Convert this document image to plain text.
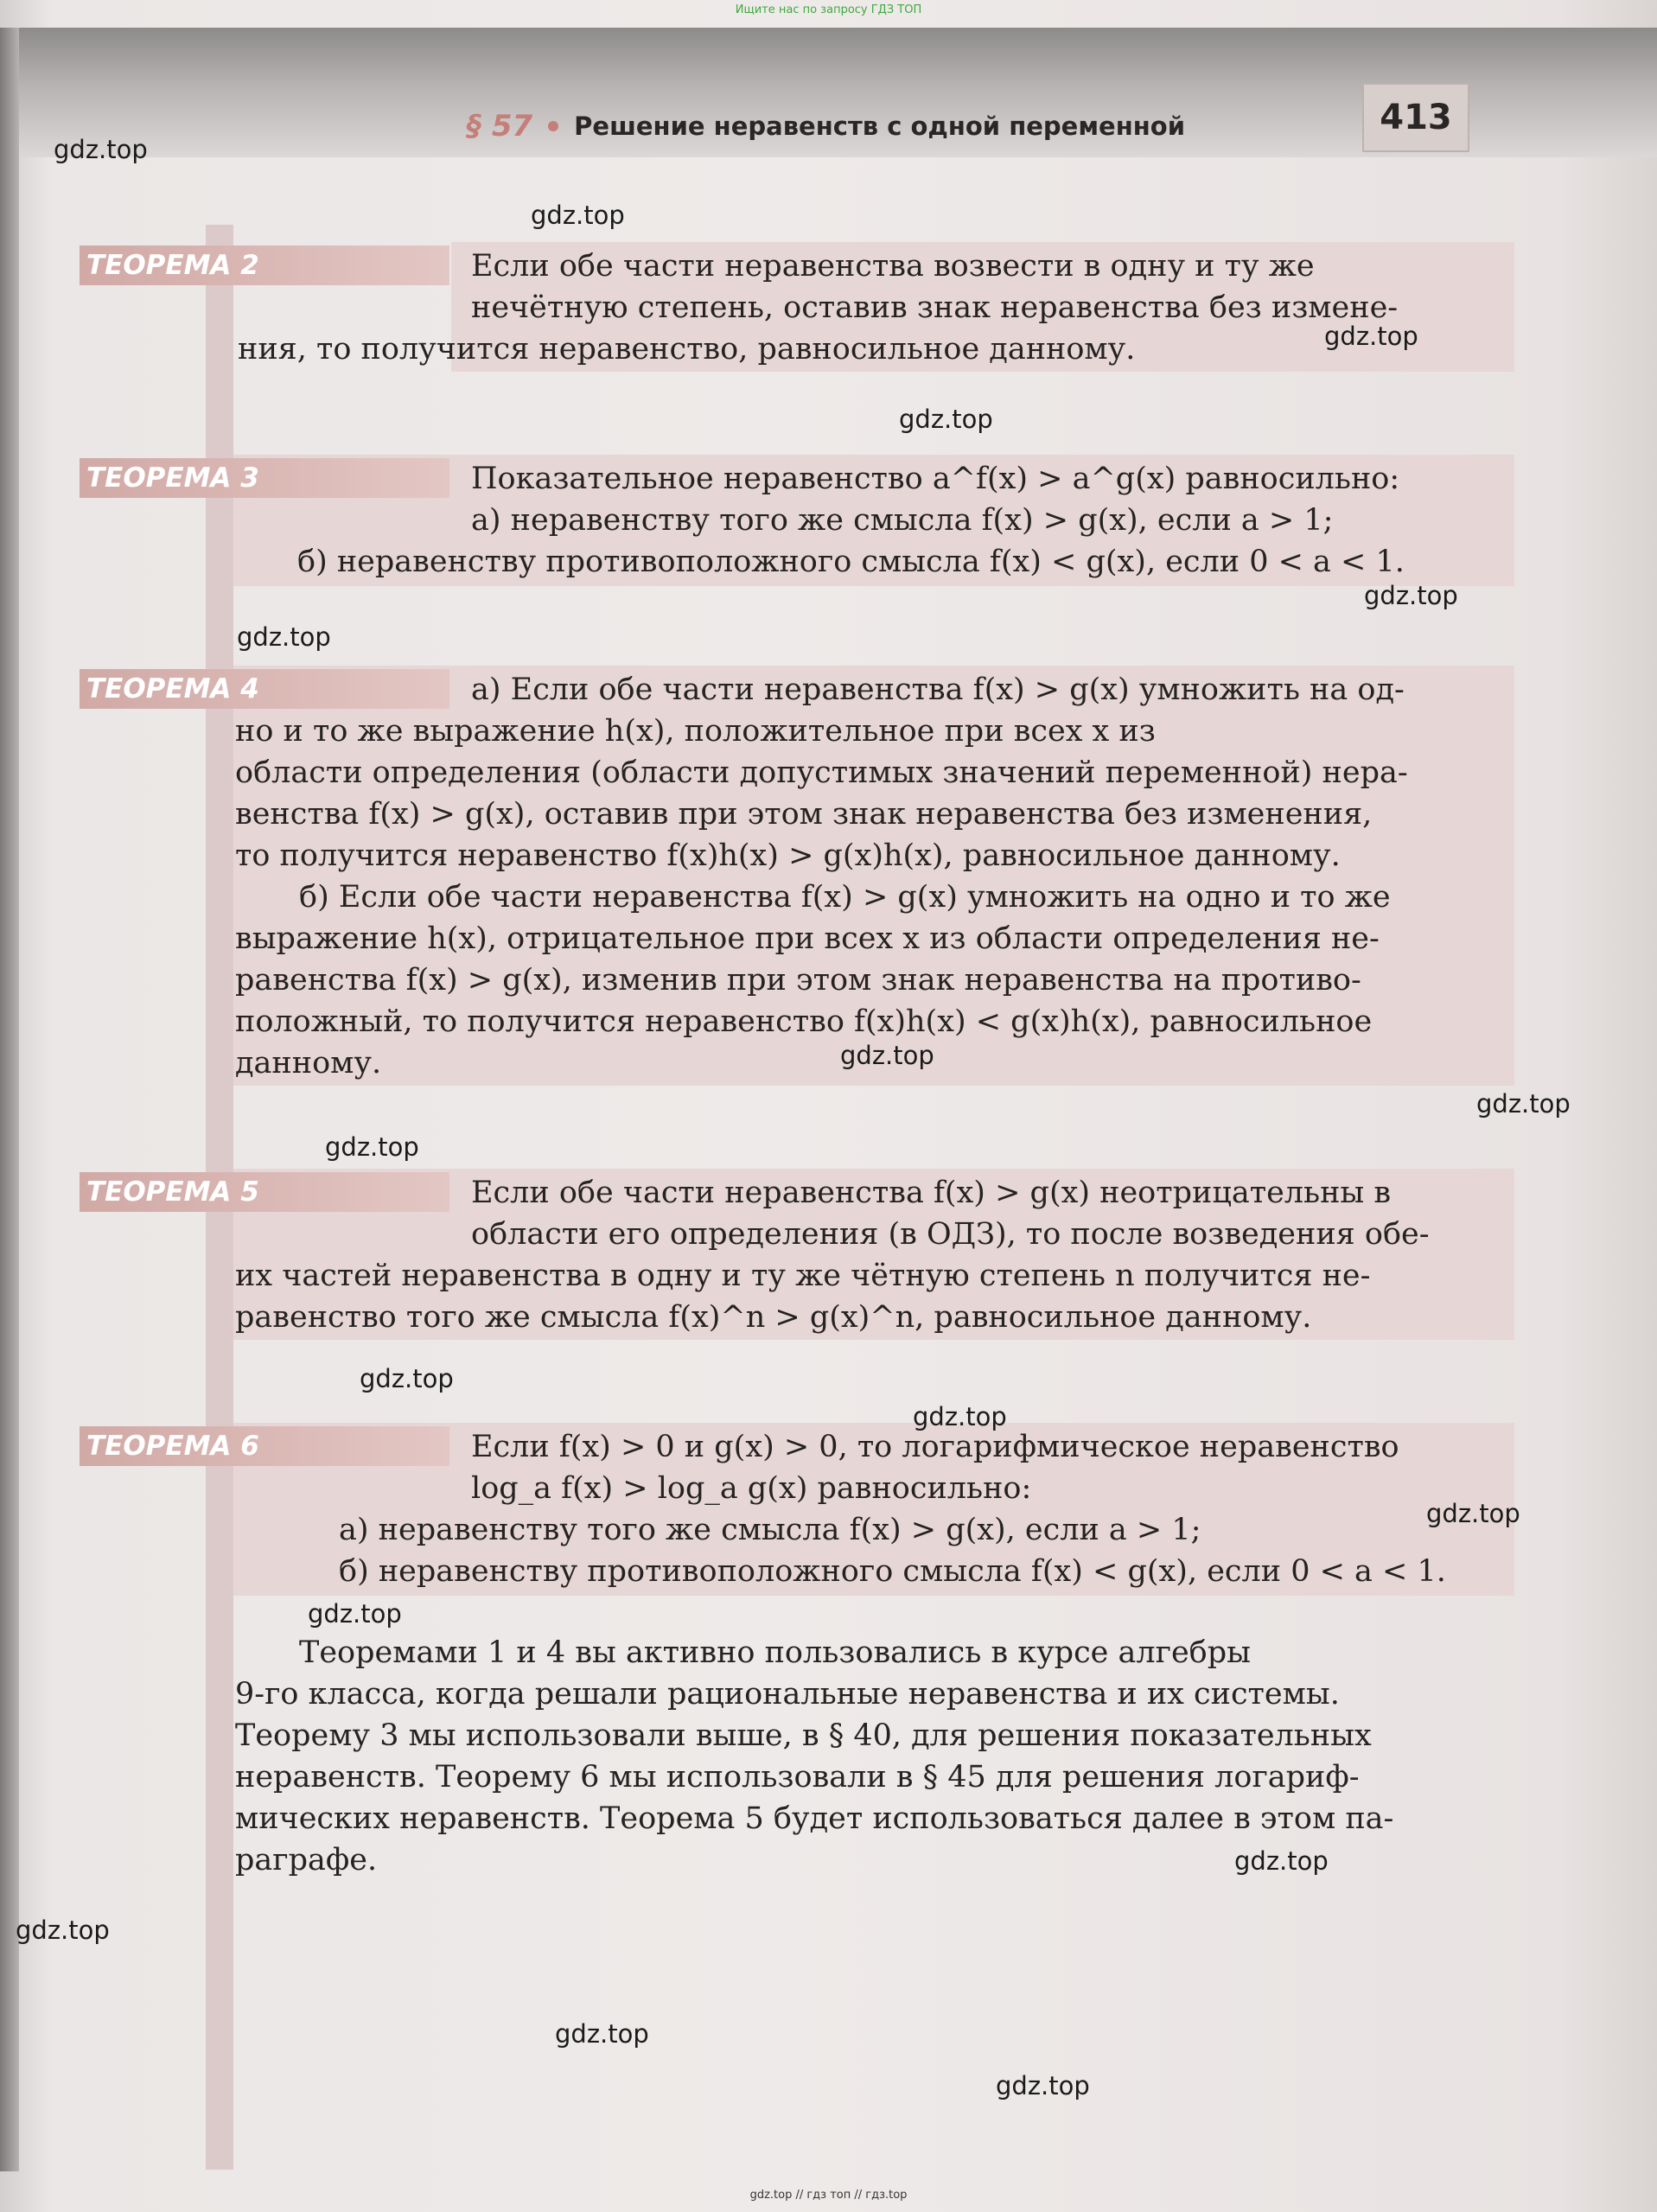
Ищите нас по запросу ГДЗ ТОП
§ 57 Решение неравенств с одной переменной	413
ТЕОРЕМА 2	Если обе части неравенства возвести в одну и ту же

нечётную степень, оставив знак неравенства без измене-

ния, то получится неравенство, равносильное данному.

ТЕОРЕМА 3	Показательное неравенство a^f(x) > a^g(x) равносильно:

а) неравенству того же смысла f(x) > g(x), если a > 1;

б) неравенству противоположного смысла f(x) < g(x), если 0 < a < 1.

ТЕОРЕМА 4	а) Если обе части неравенства f(x) > g(x) умножить на од-

но и то же выражение h(x), положительное при всех x из

области определения (области допустимых значений переменной) нера-

венства f(x) > g(x), оставив при этом знак неравенства без изменения,

то получится неравенство f(x)h(x) > g(x)h(x), равносильное данному.

б) Если обе части неравенства f(x) > g(x) умножить на одно и то же

выражение h(x), отрицательное при всех x из области определения не-

равенства f(x) > g(x), изменив при этом знак неравенства на противо-

положный, то получится неравенство f(x)h(x) < g(x)h(x), равносильное

данному.

ТЕОРЕМА 5	Если обе части неравенства f(x) > g(x) неотрицательны в

области его определения (в ОДЗ), то после возведения обе-

их частей неравенства в одну и ту же чётную степень n получится не-

равенство того же смысла f(x)^n > g(x)^n, равносильное данному.

ТЕОРЕМА 6	Если f(x) > 0 и g(x) > 0, то логарифмическое неравенство

log_a f(x) > log_a g(x) равносильно:

а) неравенству того же смысла f(x) > g(x), если a > 1;

б) неравенству противоположного смысла f(x) < g(x), если 0 < a < 1.

Теоремами 1 и 4 вы активно пользовались в курсе алгебры

9-го класса, когда решали рациональные неравенства и их системы.

Теорему 3 мы использовали выше, в § 40, для решения показательных

неравенств. Теорему 6 мы использовали в § 45 для решения логариф-

мических неравенств. Теорема 5 будет использоваться далее в этом па-

раграфе.

gdz.top
gdz.top
gdz.top
gdz.top
gdz.top
gdz.top
gdz.top
gdz.top
gdz.top
gdz.top
gdz.top
gdz.top
gdz.top
gdz.top
gdz.top
gdz.top
gdz.top
gdz.top // гдз топ // гдз.top
